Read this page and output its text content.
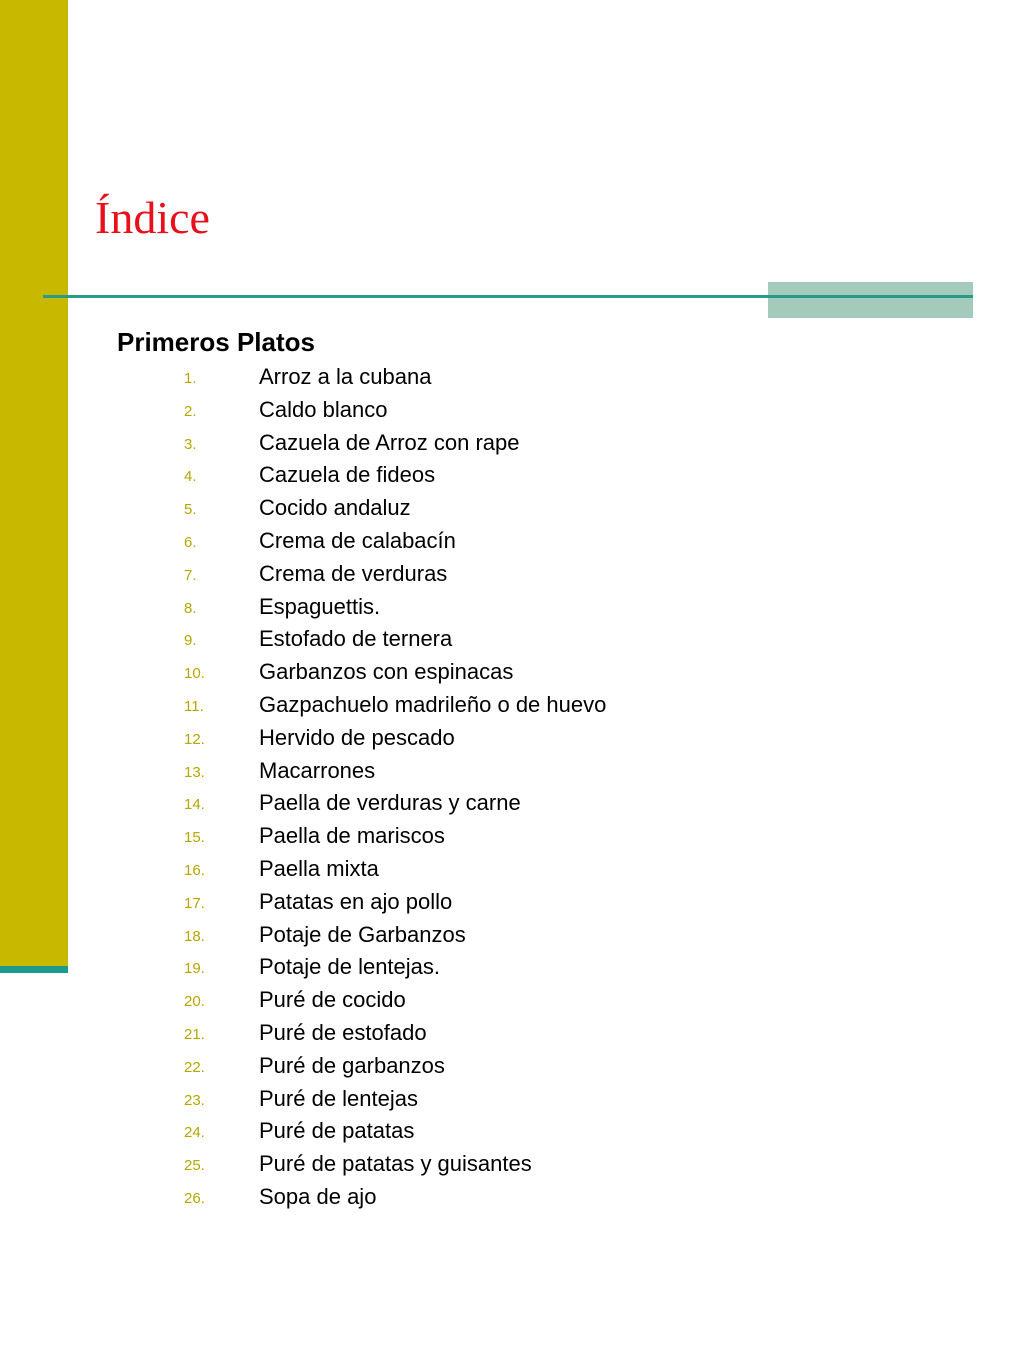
Índice
Primeros Platos
1.	Arroz a la cubana
2.	Caldo blanco
3.	Cazuela de Arroz con rape
4.	Cazuela de fideos
5.	Cocido andaluz
6.	Crema de calabacín
7.	Crema de verduras
8.	Espaguettis.
9.	Estofado de ternera
10. Garbanzos con espinacas
11.	Gazpachuelo madrileño o de huevo
12. Hervido de pescado
13. Macarrones
14. Paella de verduras y carne
15. Paella de mariscos
16. Paella mixta
17. Patatas en ajo pollo
18. Potaje de Garbanzos
19. Potaje de lentejas.
20. Puré de cocido
21. Puré de estofado
22. Puré de garbanzos
23. Puré de lentejas
24. Puré de patatas
25. Puré de patatas y guisantes
26. Sopa de ajo
